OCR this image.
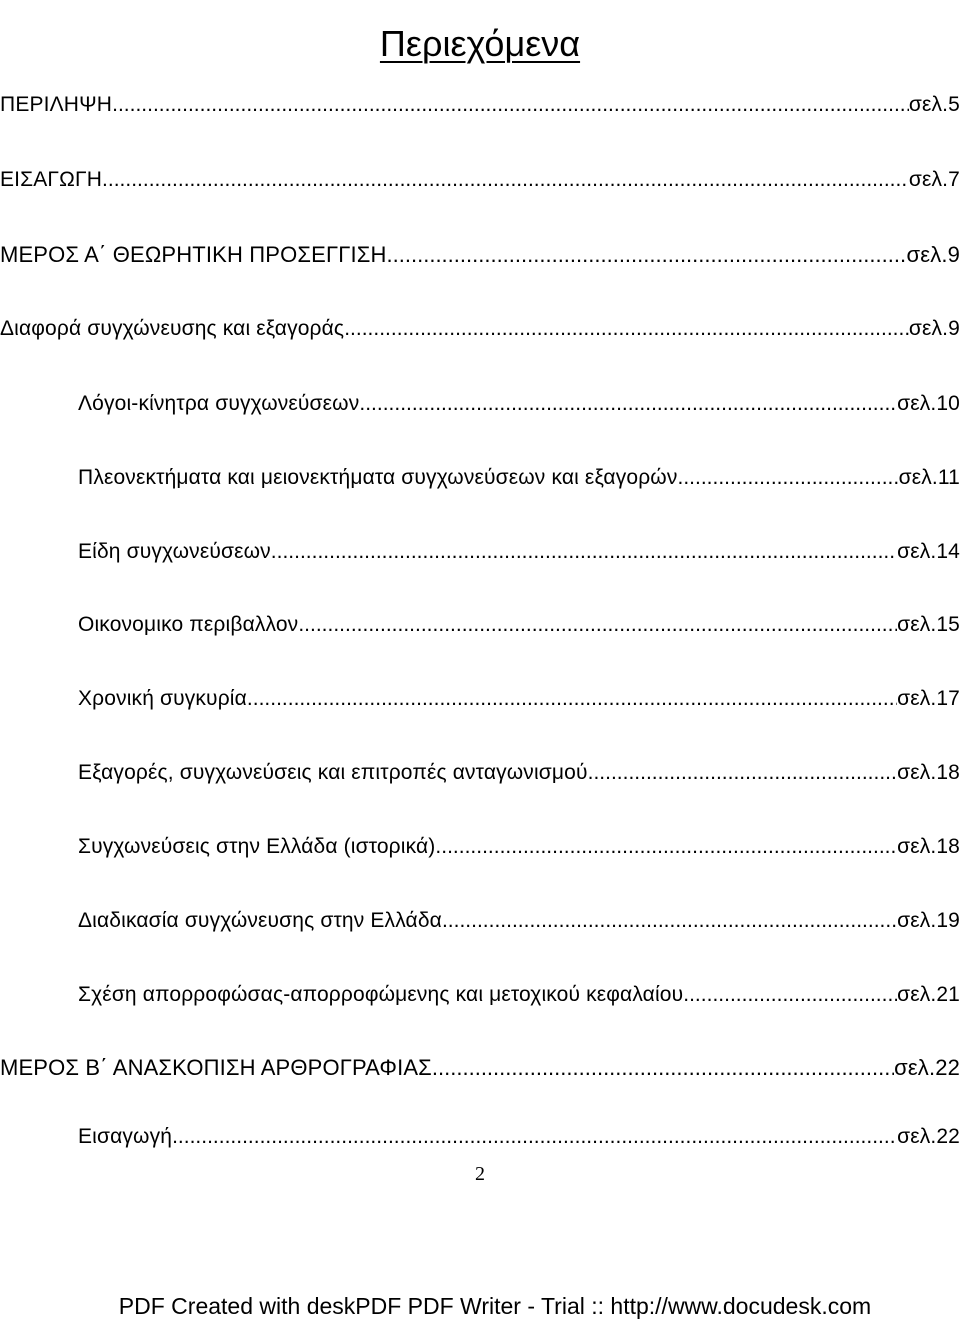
Περιεχόμενα
ΠΕΡΙΛΗΨΗ .....	σελ.5
ΕΙΣΑΓΩΓΗ .....	σελ.7
ΜΕΡΟΣ Α΄ ΘΕΩΡΗΤΙΚΗ ΠΡΟΣΕΓΓΙΣΗ .....	σελ.9
Διαφορά συγχώνευσης και εξαγοράς .....	σελ.9
Λόγοι-κίνητρα συγχωνεύσεων .....	σελ.10
Πλεονεκτήματα και μειονεκτήματα συγχωνεύσεων και εξαγορών .....	σελ.11
Είδη συγχωνεύσεων .....	σελ.14
Οικονομικο περιβαλλον .....	σελ.15
Χρονική συγκυρία .....	σελ.17
Εξαγορές, συγχωνεύσεις και επιτροπές ανταγωνισμού .....	σελ.18
Συγχωνεύσεις στην Ελλάδα (ιστορικά) .....	σελ.18
Διαδικασία συγχώνευσης στην Ελλάδα .....	σελ.19
Σχέση απορροφώσας-απορροφώμενης και μετοχικού κεφαλαίου .....	σελ.21
ΜΕΡΟΣ Β΄ ΑΝΑΣΚΟΠΙΣΗ ΑΡΘΡΟΓΡΑΦΙΑΣ .....	σελ.22
Εισαγωγή .....	σελ.22
2
PDF Created with deskPDF PDF Writer - Trial :: http://www.docudesk.com
